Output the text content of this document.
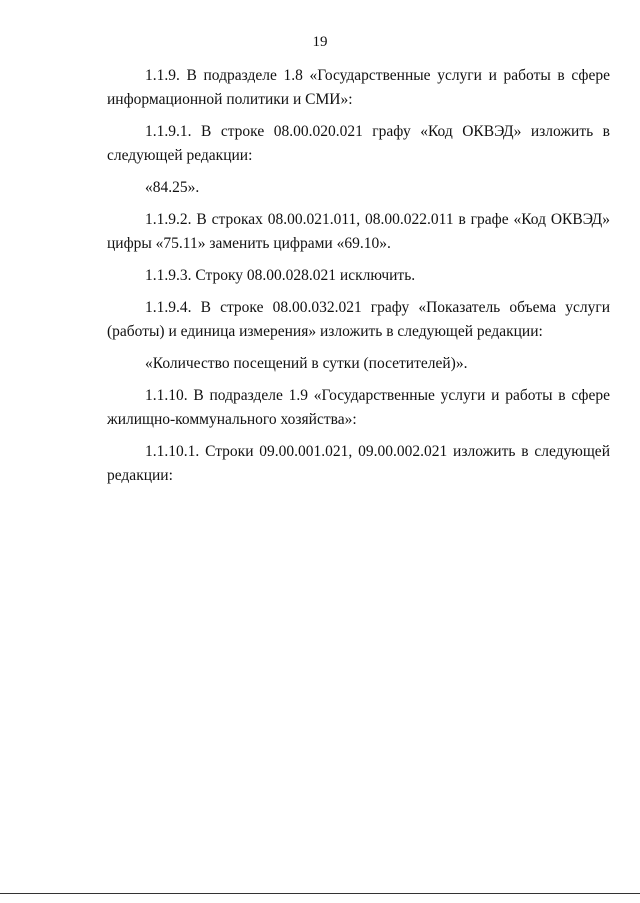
19

1.1.9. В подразделе 1.8 «Государственные услуги и работы в сфере информационной политики и СМИ»:

1.1.9.1. В строке 08.00.020.021 графу «Код ОКВЭД» изложить в следующей редакции:

«84.25».

1.1.9.2. В строках 08.00.021.011, 08.00.022.011 в графе «Код ОКВЭД» цифры «75.11» заменить цифрами «69.10».

1.1.9.3. Строку 08.00.028.021 исключить.

1.1.9.4. В строке 08.00.032.021 графу «Показатель объема услуги (работы) и единица измерения» изложить в следующей редакции:

«Количество посещений в сутки (посетителей)».

1.1.10. В подразделе 1.9 «Государственные услуги и работы в сфере жилищно-коммунального хозяйства»:

1.1.10.1. Строки 09.00.001.021, 09.00.002.021 изложить в следующей редакции:
